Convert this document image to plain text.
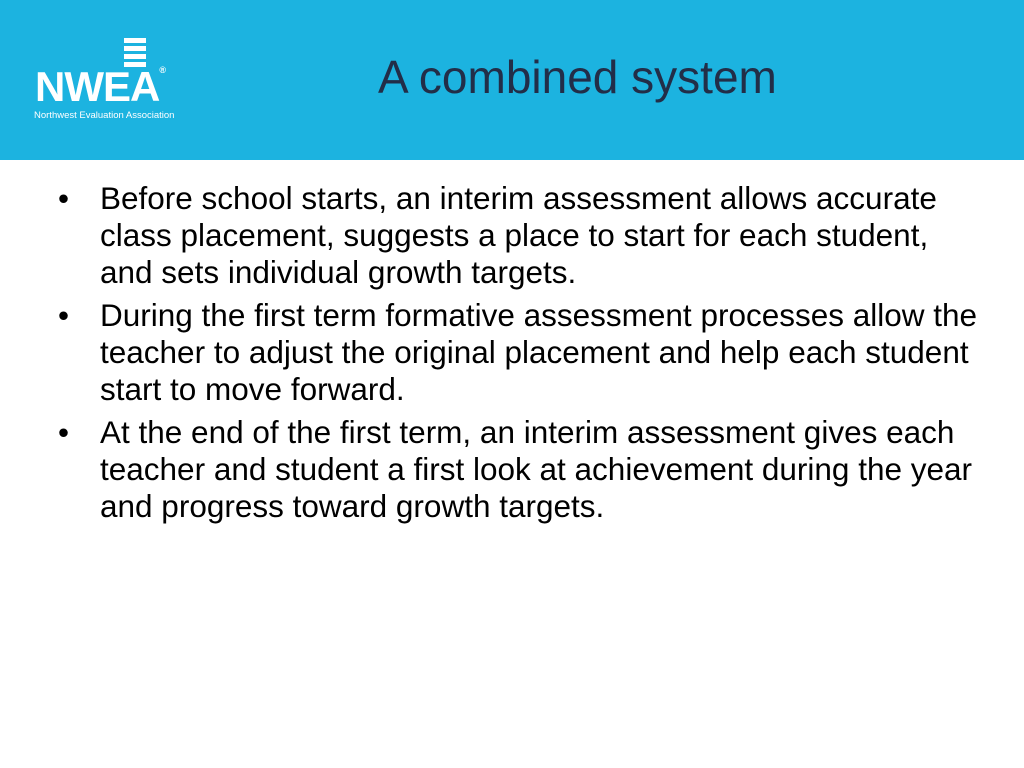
NWEA®
Northwest Evaluation Association
A combined system
• Before school starts, an interim assessment allows accurate class placement, suggests a place to start for each student, and sets individual growth targets.
• During the first term formative assessment processes allow the teacher to adjust the original placement and help each student start to move forward.
• At the end of the first term, an interim assessment gives each teacher and student a first look at achievement during the year and progress toward growth targets.
